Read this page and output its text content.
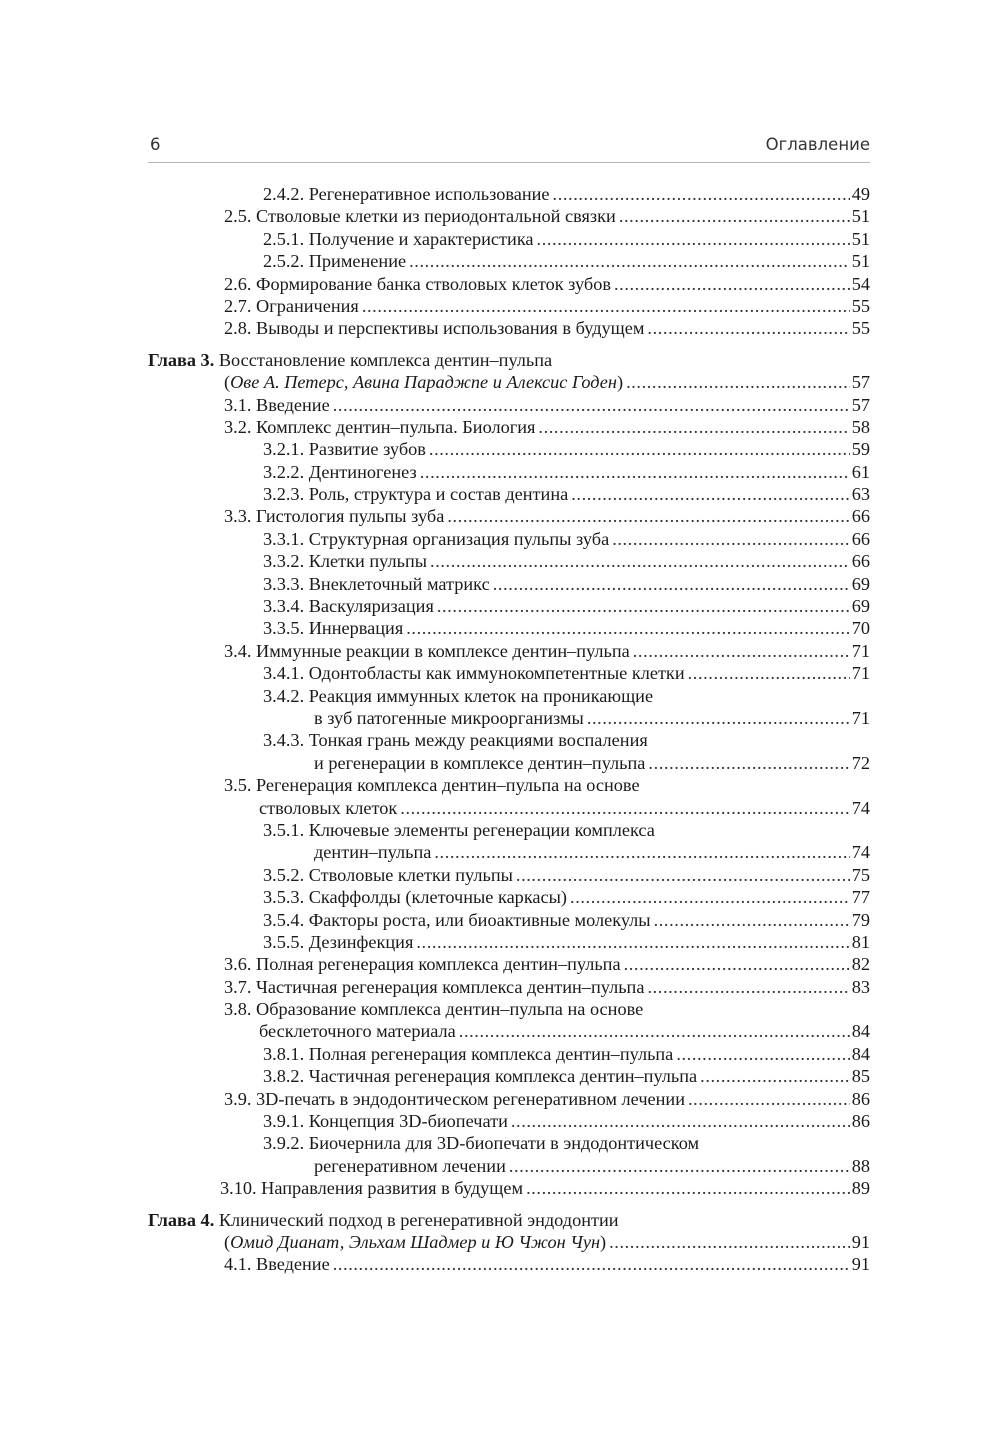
6	Оглавление
2.4.2. Регенеративное использование .....	49
2.5. Стволовые клетки из периодонтальной связки .....	51
2.5.1. Получение и характеристика .....	51
2.5.2. Применение .....	51
2.6. Формирование банка стволовых клеток зубов .....	54
2.7. Ограничения .....	55
2.8. Выводы и перспективы использования в будущем .....	55
Глава 3. Восстановление комплекса дентин–пульпа
(Ове А. Петерс, Авина Параджпе и Алексис Годен) .....	57
3.1. Введение .....	57
3.2. Комплекс дентин–пульпа. Биология .....	58
3.2.1. Развитие зубов .....	59
3.2.2. Дентиногенез .....	61
3.2.3. Роль, структура и состав дентина .....	63
3.3. Гистология пульпы зуба .....	66
3.3.1. Структурная организация пульпы зуба .....	66
3.3.2. Клетки пульпы .....	66
3.3.3. Внеклеточный матрикс .....	69
3.3.4. Васкуляризация .....	69
3.3.5. Иннервация .....	70
3.4. Иммунные реакции в комплексе дентин–пульпа .....	71
3.4.1. Одонтобласты как иммунокомпетентные клетки .....	71
3.4.2. Реакция иммунных клеток на проникающие
в зуб патогенные микроорганизмы .....	71
3.4.3. Тонкая грань между реакциями воспаления
и регенерации в комплексе дентин–пульпа .....	72
3.5. Регенерация комплекса дентин–пульпа на основе
стволовых клеток .....	74
3.5.1. Ключевые элементы регенерации комплекса
дентин–пульпа .....	74
3.5.2. Стволовые клетки пульпы .....	75
3.5.3. Скаффолды (клеточные каркасы) .....	77
3.5.4. Факторы роста, или биоактивные молекулы .....	79
3.5.5. Дезинфекция .....	81
3.6. Полная регенерация комплекса дентин–пульпа .....	82
3.7. Частичная регенерация комплекса дентин–пульпа .....	83
3.8. Образование комплекса дентин–пульпа на основе
бесклеточного материала .....	84
3.8.1. Полная регенерация комплекса дентин–пульпа .....	84
3.8.2. Частичная регенерация комплекса дентин–пульпа .....	85
3.9. 3D-печать в эндодонтическом регенеративном лечении .....	86
3.9.1. Концепция 3D-биопечати .....	86
3.9.2. Биочернила для 3D-биопечати в эндодонтическом
регенеративном лечении .....	88
3.10. Направления развития в будущем .....	89
Глава 4. Клинический подход в регенеративной эндодонтии
(Омид Дианат, Эльхам Шадмер и Ю Чжон Чун) .....	91
4.1. Введение .....	91
